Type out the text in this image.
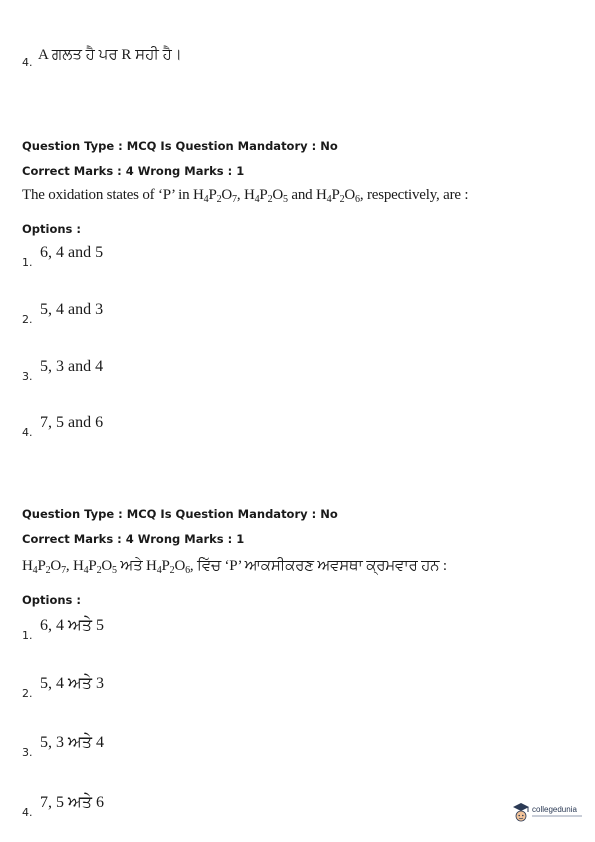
4. A ਗਲਤ ਹੈ ਪਰ R ਸਹੀ ਹੈ।
Question Type : MCQ Is Question Mandatory : No
Correct Marks : 4 Wrong Marks : 1
The oxidation states of ‘P’ in $H_4P_2O_7$, $H_4P_2O_5$ and $H_4P_2O_6$, respectively, are :
Options :
1.
6, 4 and 5
2.
5, 4 and 3
3.
5, 3 and 4
4.
7, 5 and 6
Question Type : MCQ Is Question Mandatory : No
Correct Marks : 4 Wrong Marks : 1
$H_4P_2O_7$, $H_4P_2O_5$ ਅਤੇ $H_4P_2O_6$, ਵਿੱਚ ‘P’ ਆਕਸੀਕਰਣ ਅਵਸਥਾ ਕ੍ਰਮਵਾਰ ਹਨ :
Options :
1.
6, 4 ਅਤੇ 5
2.
5, 4 ਅਤੇ 3
3.
5, 3 ਅਤੇ 4
4.
7, 5 ਅਤੇ 6	collegedunia
